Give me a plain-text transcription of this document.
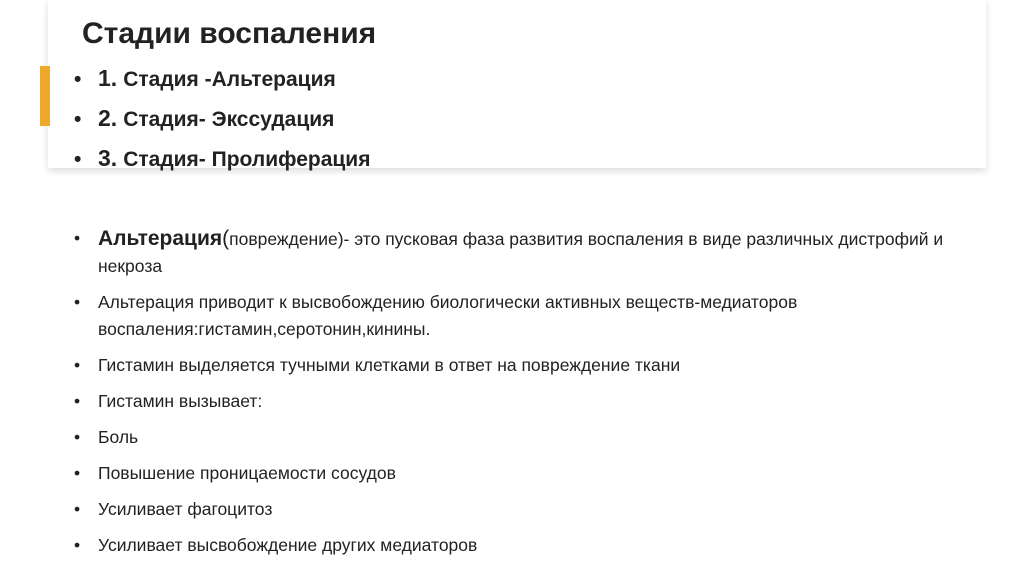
Стадии воспаления
• 1. Стадия -Альтерация
• 2. Стадия- Экссудация
• 3. Стадия- Пролиферация
• Альтерация(повреждение)- это пусковая фаза развития воспаления в виде различных дистрофий и некроза
• Альтерация приводит к высвобождению биологически активных веществ-медиаторов воспаления:гистамин,серотонин,кинины.
• Гистамин выделяется тучными клетками в ответ на повреждение ткани
• Гистамин вызывает:
• Боль
• Повышение проницаемости сосудов
• Усиливает фагоцитоз
• Усиливает высвобождение других медиаторов
